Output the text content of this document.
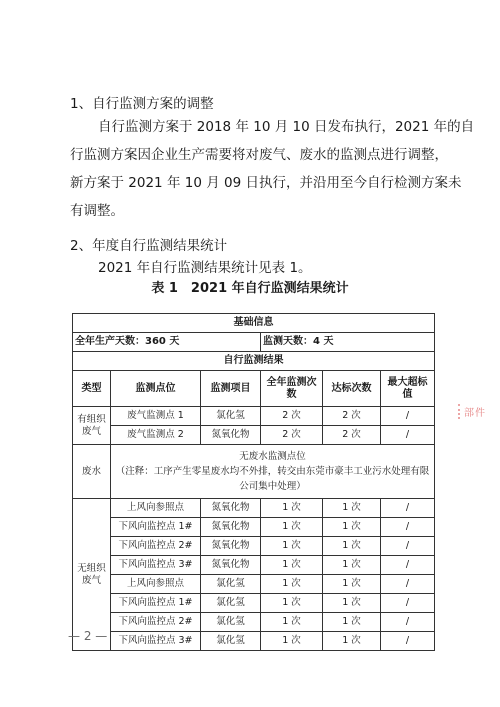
1、自行监测方案的调整
自行监测方案于 2018 年 10 月 10 日发布执行，2021 年的自
行监测方案因企业生产需要将对废气、废水的监测点进行调整，
新方案于 2021 年 10 月 09 日执行，并沿用至今自行检测方案未
有调整。
2、年度自行监测结果统计
2021 年自行监测结果统计见表 1。
表 1　2021 年自行监测结果统计
基础信息					
全年生产天数：360 天			监测天数：4 天		
自行监测结果					
类型	监测点位	监测项目	全年监测次数	达标次数	最大超标值
有组织废气	废气监测点 1	氯化氢	2 次	2 次	/
	废气监测点 2	氮氧化物	2 次	2 次	/
废水	无废水监测点位
（注释：工序产生零星废水均不外排，转交由东莞市豪丰工业污水处理有限公司集中处理）				

无组织废气	上风向参照点	氮氧化物	1 次	1 次	/
	下风向监控点 1#	氮氧化物	1 次	1 次	/
	下风向监控点 2#	氮氧化物	1 次	1 次	/
	下风向监控点 3#	氮氧化物	1 次	1 次	/
	上风向参照点	氯化氢	1 次	1 次	/
	下风向监控点 1#	氯化氢	1 次	1 次	/
	下风向监控点 2#	氯化氢	1 次	1 次	/
	下风向监控点 3#	氯化氢	1 次	1 次	/
部件
— 2 —
